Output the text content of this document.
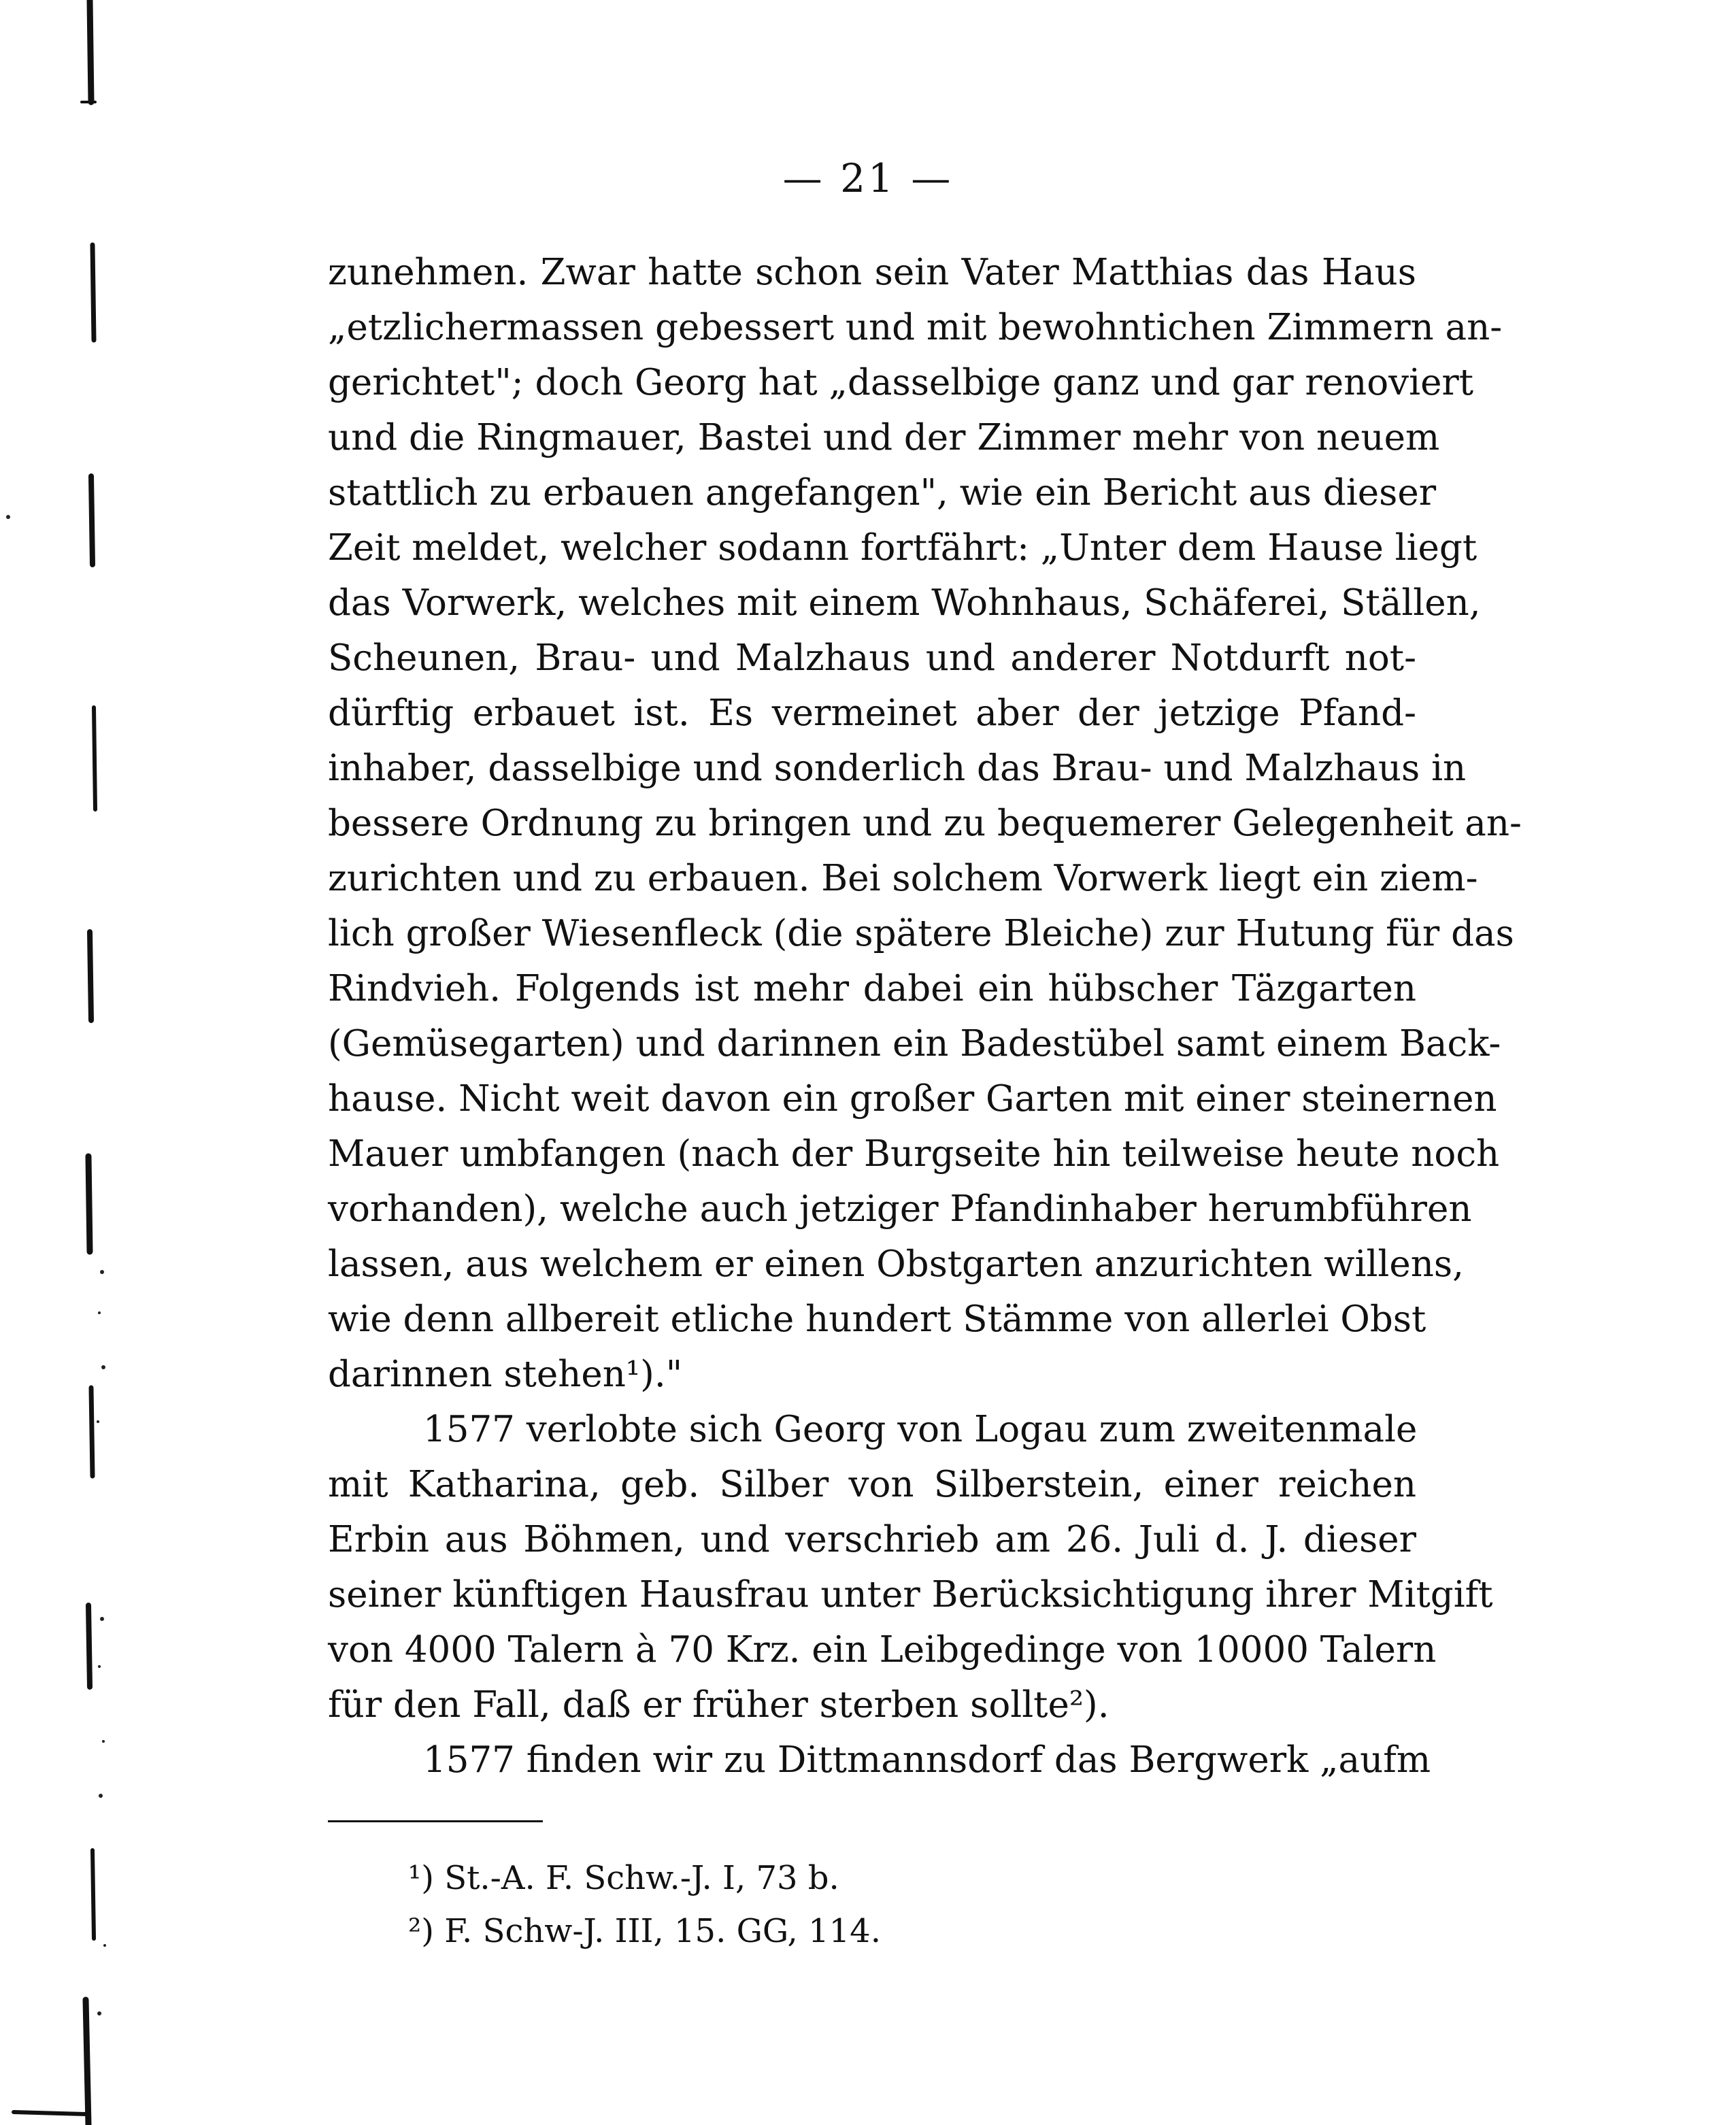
— 21 —
zunehmen. Zwar hatte schon sein Vater Matthias das Haus
„etzlichermassen gebessert und mit bewohntichen Zimmern an-
gerichtet"; doch Georg hat „dasselbige ganz und gar renoviert
und die Ringmauer, Bastei und der Zimmer mehr von neuem
stattlich zu erbauen angefangen", wie ein Bericht aus dieser
Zeit meldet, welcher sodann fortfährt: „Unter dem Hause liegt
das Vorwerk, welches mit einem Wohnhaus, Schäferei, Ställen,
Scheunen, Brau- und Malzhaus und anderer Notdurft not-
dürftig erbauet ist. Es vermeinet aber der jetzige Pfand-
inhaber, dasselbige und sonderlich das Brau- und Malzhaus in
bessere Ordnung zu bringen und zu bequemerer Gelegenheit an-
zurichten und zu erbauen. Bei solchem Vorwerk liegt ein ziem-
lich großer Wiesenfleck (die spätere Bleiche) zur Hutung für das
Rindvieh. Folgends ist mehr dabei ein hübscher Täzgarten
(Gemüsegarten) und darinnen ein Badestübel samt einem Back-
hause. Nicht weit davon ein großer Garten mit einer steinernen
Mauer umbfangen (nach der Burgseite hin teilweise heute noch
vorhanden), welche auch jetziger Pfandinhaber herumbführen
lassen, aus welchem er einen Obstgarten anzurichten willens,
wie denn allbereit etliche hundert Stämme von allerlei Obst
darinnen stehen¹)."
1577 verlobte sich Georg von Logau zum zweitenmale
mit Katharina, geb. Silber von Silberstein, einer reichen
Erbin aus Böhmen, und verschrieb am 26. Juli d. J. dieser
seiner künftigen Hausfrau unter Berücksichtigung ihrer Mitgift
von 4000 Talern à 70 Krz. ein Leibgedinge von 10000 Talern
für den Fall, daß er früher sterben sollte²).
1577 finden wir zu Dittmannsdorf das Bergwerk „aufm
¹) St.-A. F. Schw.-J. I, 73 b.
²) F. Schw-J. III, 15. GG, 114.
